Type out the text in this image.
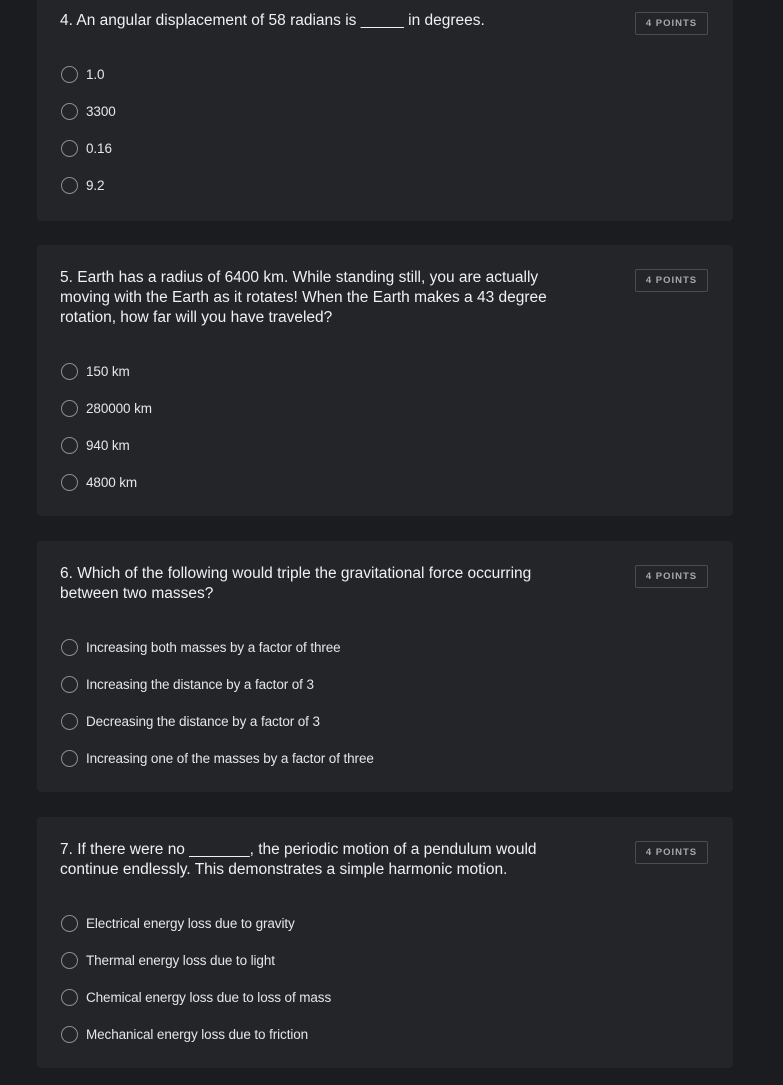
4. An angular displacement of 58 radians is _____ in degrees.	4 POINTS
1.0
3300
0.16
9.2
5. Earth has a radius of 6400 km. While standing still, you are actually moving with the Earth as it rotates! When the Earth makes a 43 degree rotation, how far will you have traveled?
4 POINTS
150 km
280000 km
940 km
4800 km
6. Which of the following would triple the gravitational force occurring between two masses?
4 POINTS
Increasing both masses by a factor of three
Increasing the distance by a factor of 3
Decreasing the distance by a factor of 3
Increasing one of the masses by a factor of three
7. If there were no _______, the periodic motion of a pendulum would continue endlessly. This demonstrates a simple harmonic motion.
4 POINTS
Electrical energy loss due to gravity
Thermal energy loss due to light
Chemical energy loss due to loss of mass
Mechanical energy loss due to friction
